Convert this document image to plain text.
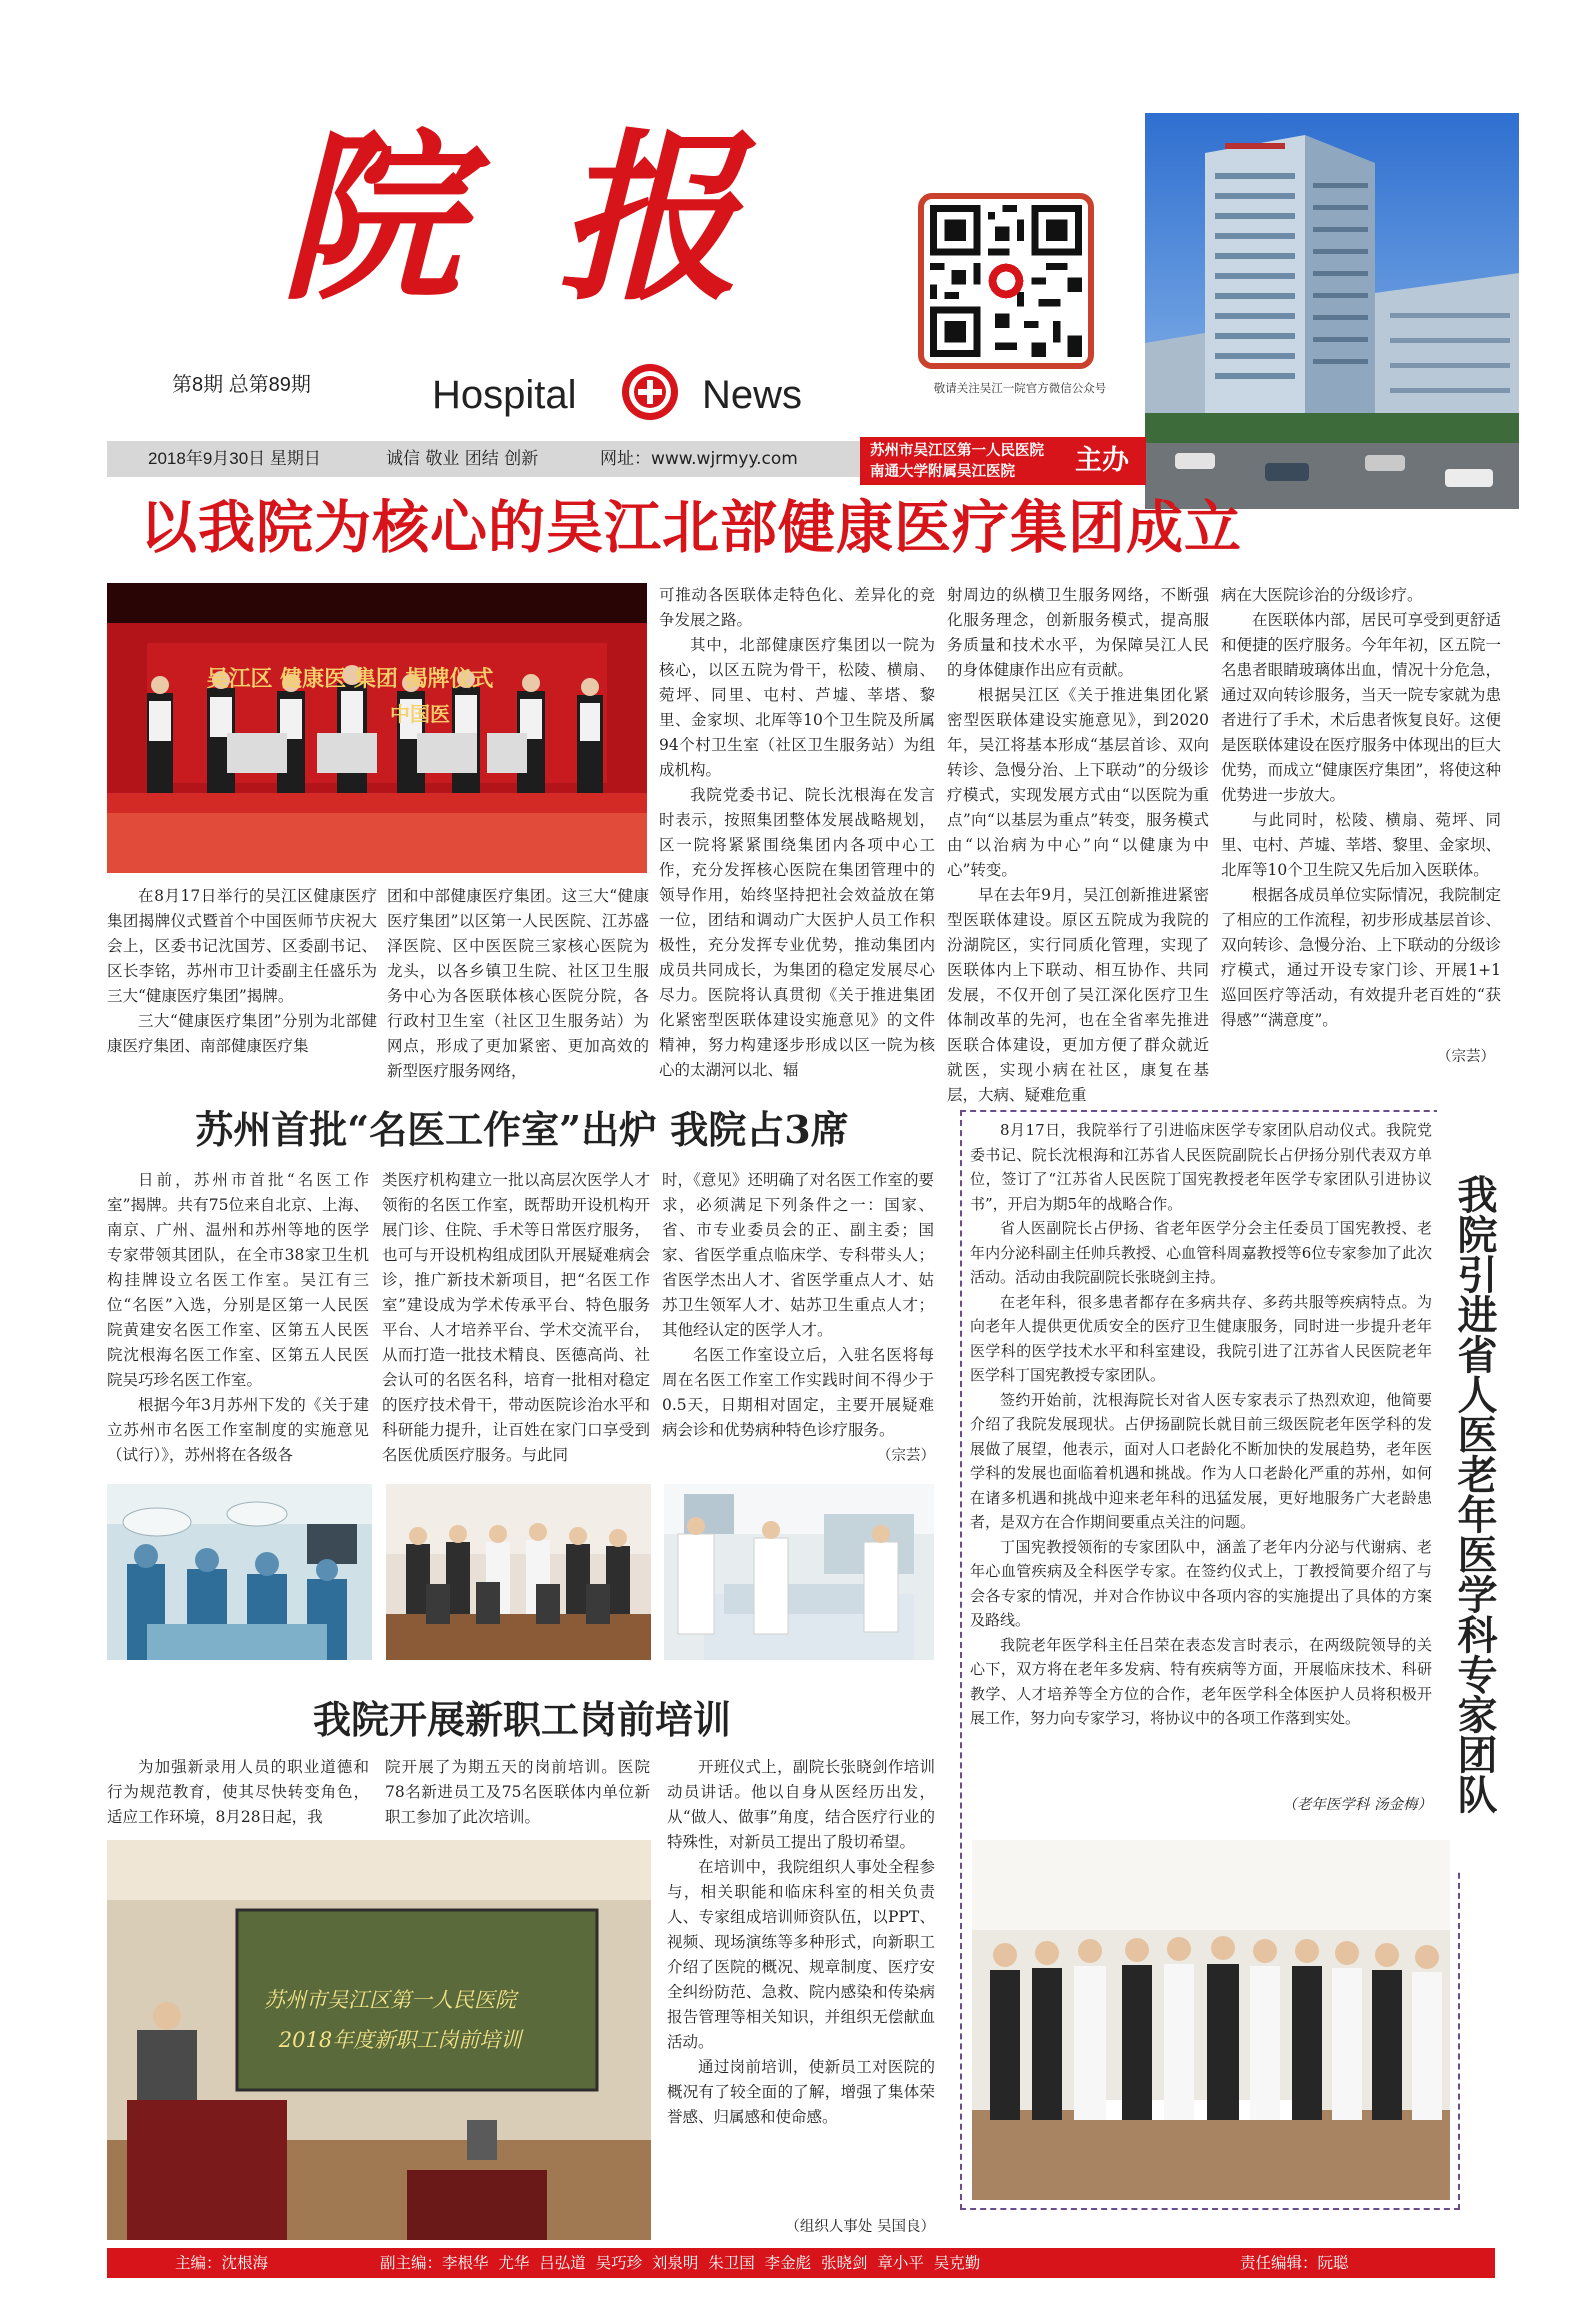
院 报
第8期 总第89期	Hospital	News	敬请关注吴江一院官方微信公众号
2018年9月30日 星期日	诚信 敬业 团结 创新	网址：www.wjrmyy.com	苏州市吴江区第一人民医院
南通大学附属吴江医院	主办
以我院为核心的吴江北部健康医疗集团成立
吴江区 健康医 集团 揭牌仪式
中国医

在8月17日举行的吴江区健康医疗集团揭牌仪式暨首个中国医师节庆祝大会上，区委书记沈国芳、区委副书记、区长李铭，苏州市卫计委副主任盛乐为三大“健康医疗集团”揭牌。

三大“健康医疗集团”分别为北部健康医疗集团、南部健康医疗集

团和中部健康医疗集团。这三大“健康医疗集团”以区第一人民医院、江苏盛泽医院、区中医医院三家核心医院为龙头，以各乡镇卫生院、社区卫生服务中心为各医联体核心医院分院，各行政村卫生室（社区卫生服务站）为网点，形成了更加紧密、更加高效的新型医疗服务网络，

可推动各医联体走特色化、差异化的竞争发展之路。

其中，北部健康医疗集团以一院为核心，以区五院为骨干，松陵、横扇、菀坪、同里、屯村、芦墟、莘塔、黎里、金家坝、北厍等10个卫生院及所属94个村卫生室（社区卫生服务站）为组成机构。

我院党委书记、院长沈根海在发言时表示，按照集团整体发展战略规划，区一院将紧紧围绕集团内各项中心工作，充分发挥核心医院在集团管理中的领导作用，始终坚持把社会效益放在第一位，团结和调动广大医护人员工作积极性，充分发挥专业优势，推动集团内成员共同成长，为集团的稳定发展尽心尽力。医院将认真贯彻《关于推进集团化紧密型医联体建设实施意见》的文件精神，努力构建逐步形成以区一院为核心的太湖河以北、辐

射周边的纵横卫生服务网络，不断强化服务理念，创新服务模式，提高服务质量和技术水平，为保障吴江人民的身体健康作出应有贡献。

根据吴江区《关于推进集团化紧密型医联体建设实施意见》，到2020年，吴江将基本形成“基层首诊、双向转诊、急慢分治、上下联动”的分级诊疗模式，实现发展方式由“以医院为重点”向“以基层为重点”转变，服务模式由“以治病为中心”向“以健康为中心”转变。

早在去年9月，吴江创新推进紧密型医联体建设。原区五院成为我院的汾湖院区，实行同质化管理，实现了医联体内上下联动、相互协作、共同发展，不仅开创了吴江深化医疗卫生体制改革的先河，也在全省率先推进医联合体建设，更加方便了群众就近就医，实现小病在社区，康复在基层，大病、疑难危重

病在大医院诊治的分级诊疗。

在医联体内部，居民可享受到更舒适和便捷的医疗服务。今年年初，区五院一名患者眼睛玻璃体出血，情况十分危急，通过双向转诊服务，当天一院专家就为患者进行了手术，术后患者恢复良好。这便是医联体建设在医疗服务中体现出的巨大优势，而成立“健康医疗集团”，将使这种优势进一步放大。

与此同时，松陵、横扇、菀坪、同里、屯村、芦墟、莘塔、黎里、金家坝、北厍等10个卫生院又先后加入医联体。

根据各成员单位实际情况，我院制定了相应的工作流程，初步形成基层首诊、双向转诊、急慢分治、上下联动的分级诊疗模式，通过开设专家门诊、开展1+1巡回医疗等活动，有效提升老百姓的“获得感”“满意度”。

（宗芸）
苏州首批“名医工作室”出炉 我院占3席

日前，苏州市首批“名医工作室”揭牌。共有75位来自北京、上海、南京、广州、温州和苏州等地的医学专家带领其团队，在全市38家卫生机构挂牌设立名医工作室。吴江有三位“名医”入选，分别是区第一人民医院黄建安名医工作室、区第五人民医院沈根海名医工作室、区第五人民医院吴巧珍名医工作室。

根据今年3月苏州下发的《关于建立苏州市名医工作室制度的实施意见（试行）》，苏州将在各级各

类医疗机构建立一批以高层次医学人才领衔的名医工作室，既帮助开设机构开展门诊、住院、手术等日常医疗服务，也可与开设机构组成团队开展疑难病会诊，推广新技术新项目，把“名医工作室”建设成为学术传承平台、特色服务平台、人才培养平台、学术交流平台，从而打造一批技术精良、医德高尚、社会认可的名医名科，培育一批相对稳定的医疗技术骨干，带动医院诊治水平和科研能力提升，让百姓在家门口享受到名医优质医疗服务。与此同

时，《意见》还明确了对名医工作室的要求，必须满足下列条件之一：国家、省、市专业委员会的正、副主委；国家、省医学重点临床学、专科带头人；省医学杰出人才、省医学重点人才、姑苏卫生领军人才、姑苏卫生重点人才；其他经认定的医学人才。

名医工作室设立后，入驻名医将每周在名医工作室工作实践时间不得少于0.5天，日期相对固定，主要开展疑难病会诊和优势病种特色诊疗服务。

（宗芸）
我院开展新职工岗前培训

为加强新录用人员的职业道德和行为规范教育，使其尽快转变角色，适应工作环境，8月28日起，我

院开展了为期五天的岗前培训。医院78名新进员工及75名医联体内单位新职工参加了此次培训。

开班仪式上，副院长张晓剑作培训动员讲话。他以自身从医经历出发，从“做人、做事”角度，结合医疗行业的特殊性，对新员工提出了殷切希望。

在培训中，我院组织人事处全程参与，相关职能和临床科室的相关负责人、专家组成培训师资队伍，以PPT、视频、现场演练等多种形式，向新职工介绍了医院的概况、规章制度、医疗安全纠纷防范、急救、院内感染和传染病报告管理等相关知识，并组织无偿献血活动。

通过岗前培训，使新员工对医院的概况有了较全面的了解，增强了集体荣誉感、归属感和使命感。

（组织人事处 吴国良）
苏州市吴江区第一人民医院
2018年度新职工岗前培训

8月17日，我院举行了引进临床医学专家团队启动仪式。我院党委书记、院长沈根海和江苏省人民医院副院长占伊扬分别代表双方单位，签订了“江苏省人民医院丁国宪教授老年医学专家团队引进协议书”，开启为期5年的战略合作。

省人医副院长占伊扬、省老年医学分会主任委员丁国宪教授、老年内分泌科副主任帅兵教授、心血管科周嘉教授等6位专家参加了此次活动。活动由我院副院长张晓剑主持。

在老年科，很多患者都存在多病共存、多药共服等疾病特点。为向老年人提供更优质安全的医疗卫生健康服务，同时进一步提升老年医学科的医学技术水平和科室建设，我院引进了江苏省人民医院老年医学科丁国宪教授专家团队。

签约开始前，沈根海院长对省人医专家表示了热烈欢迎，他简要介绍了我院发展现状。占伊扬副院长就目前三级医院老年医学科的发展做了展望，他表示，面对人口老龄化不断加快的发展趋势，老年医学科的发展也面临着机遇和挑战。作为人口老龄化严重的苏州，如何在诸多机遇和挑战中迎来老年科的迅猛发展，更好地服务广大老龄患者，是双方在合作期间要重点关注的问题。

丁国宪教授领衔的专家团队中，涵盖了老年内分泌与代谢病、老年心血管疾病及全科医学专家。在签约仪式上，丁教授简要介绍了与会各专家的情况，并对合作协议中各项内容的实施提出了具体的方案及路线。

我院老年医学科主任吕荣在表态发言时表示，在两级院领导的关心下，双方将在老年多发病、特有疾病等方面，开展临床技术、科研教学、人才培养等全方位的合作，老年医学科全体医护人员将积极开展工作，努力向专家学习，将协议中的各项工作落到实处。

（老年医学科 汤金梅） 我院引进省人医老年医学科专家团队
主编：沈根海	副主编：李根华  尤华  吕弘道  吴巧珍  刘泉明  朱卫国  李金彪  张晓剑  章小平  吴克勤	责任编辑：阮聪
